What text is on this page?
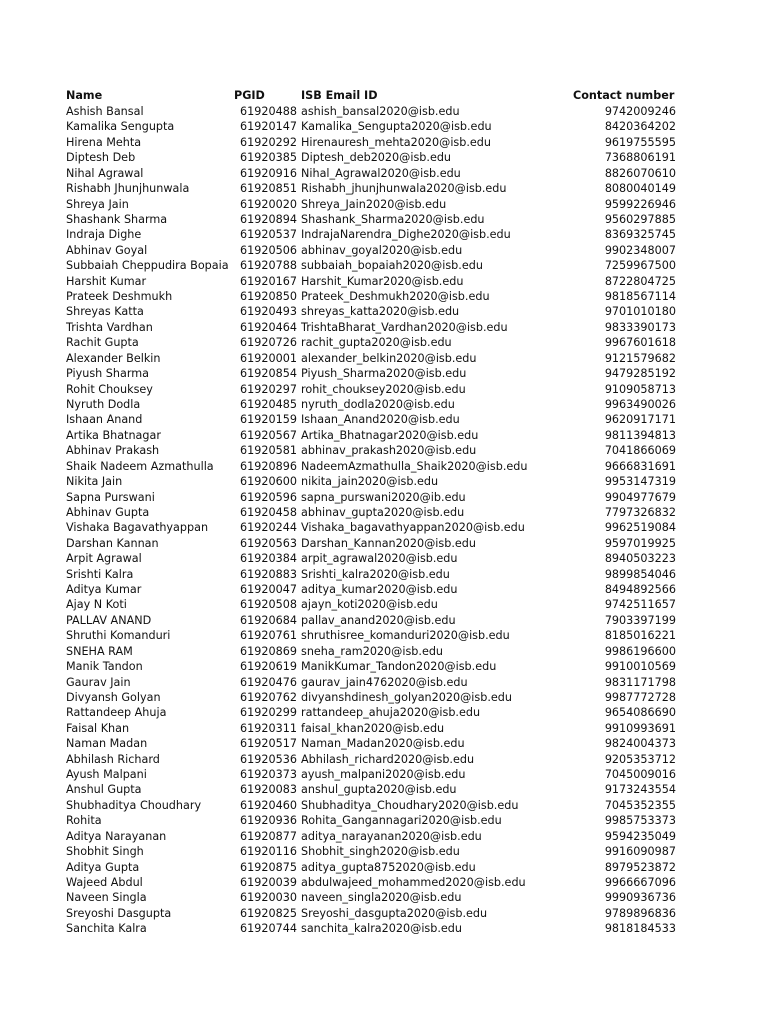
Name	PGID	ISB Email ID	Contact number
Ashish Bansal	61920488 ashish_bansal2020@isb.edu	9742009246
Kamalika Sengupta	61920147 Kamalika_Sengupta2020@isb.edu	8420364202
Hirena Mehta	61920292 Hirenauresh_mehta2020@isb.edu	9619755595
Diptesh Deb	61920385 Diptesh_deb2020@isb.edu	7368806191
Nihal Agrawal	61920916 Nihal_Agrawal2020@isb.edu	8826070610
Rishabh Jhunjhunwala	61920851 Rishabh_jhunjhunwala2020@isb.edu	8080040149
Shreya Jain	61920020 Shreya_Jain2020@isb.edu	9599226946
Shashank Sharma	61920894 Shashank_Sharma2020@isb.edu	9560297885
Indraja Dighe	61920537 IndrajaNarendra_Dighe2020@isb.edu	8369325745
Abhinav Goyal	61920506 abhinav_goyal2020@isb.edu	9902348007
Subbaiah Cheppudira Bopaia 61920788 subbaiah_bopaiah2020@isb.edu	7259967500
Harshit Kumar	61920167 Harshit_Kumar2020@isb.edu	8722804725
Prateek Deshmukh	61920850 Prateek_Deshmukh2020@isb.edu	9818567114
Shreyas Katta	61920493 shreyas_katta2020@isb.edu	9701010180
Trishta Vardhan	61920464 TrishtaBharat_Vardhan2020@isb.edu	9833390173
Rachit Gupta	61920726 rachit_gupta2020@isb.edu	9967601618
Alexander Belkin	61920001 alexander_belkin2020@isb.edu	9121579682
Piyush Sharma	61920854 Piyush_Sharma2020@isb.edu	9479285192
Rohit Chouksey	61920297 rohit_chouksey2020@isb.edu	9109058713
Nyruth Dodla	61920485 nyruth_dodla2020@isb.edu	9963490026
Ishaan Anand	61920159 Ishaan_Anand2020@isb.edu	9620917171
Artika Bhatnagar	61920567 Artika_Bhatnagar2020@isb.edu	9811394813
Abhinav Prakash	61920581 abhinav_prakash2020@isb.edu	7041866069
Shaik Nadeem Azmathulla 61920896 NadeemAzmathulla_Shaik2020@isb.edu	9666831691
Nikita Jain	61920600 nikita_jain2020@isb.edu	9953147319
Sapna Purswani	61920596 sapna_purswani2020@ib.edu	9904977679
Abhinav Gupta	61920458 abhinav_gupta2020@isb.edu	7797326832
Vishaka Bagavathyappan	61920244 Vishaka_bagavathyappan2020@isb.edu	9962519084
Darshan Kannan	61920563 Darshan_Kannan2020@isb.edu	9597019925
Arpit Agrawal	61920384 arpit_agrawal2020@isb.edu	8940503223
Srishti Kalra	61920883 Srishti_kalra2020@isb.edu	9899854046
Aditya Kumar	61920047 aditya_kumar2020@isb.edu	8494892566
Ajay N Koti	61920508 ajayn_koti2020@isb.edu	9742511657
PALLAV ANAND	61920684 pallav_anand2020@isb.edu	7903397199
Shruthi Komanduri	61920761 shruthisree_komanduri2020@isb.edu	8185016221
SNEHA RAM	61920869 sneha_ram2020@isb.edu	9986196600
Manik Tandon	61920619 ManikKumar_Tandon2020@isb.edu	9910010569
Gaurav Jain	61920476 gaurav_jain4762020@isb.edu	9831171798
Divyansh Golyan	61920762 divyanshdinesh_golyan2020@isb.edu	9987772728
Rattandeep Ahuja	61920299 rattandeep_ahuja2020@isb.edu	9654086690
Faisal Khan	61920311 faisal_khan2020@isb.edu	9910993691
Naman Madan	61920517 Naman_Madan2020@isb.edu	9824004373
Abhilash Richard	61920536 Abhilash_richard2020@isb.edu	9205353712
Ayush Malpani	61920373 ayush_malpani2020@isb.edu	7045009016
Anshul Gupta	61920083 anshul_gupta2020@isb.edu	9173243554
Shubhaditya Choudhary	61920460 Shubhaditya_Choudhary2020@isb.edu	7045352355
Rohita	61920936 Rohita_Gangannagari2020@isb.edu	9985753373
Aditya Narayanan	61920877 aditya_narayanan2020@isb.edu	9594235049
Shobhit Singh	61920116 Shobhit_singh2020@isb.edu	9916090987
Aditya Gupta	61920875 aditya_gupta8752020@isb.edu	8979523872
Wajeed Abdul	61920039 abdulwajeed_mohammed2020@isb.edu	9966667096
Naveen Singla	61920030 naveen_singla2020@isb.edu	9990936736
Sreyoshi Dasgupta	61920825 Sreyoshi_dasgupta2020@isb.edu	9789896836
Sanchita Kalra	61920744 sanchita_kalra2020@isb.edu	9818184533
